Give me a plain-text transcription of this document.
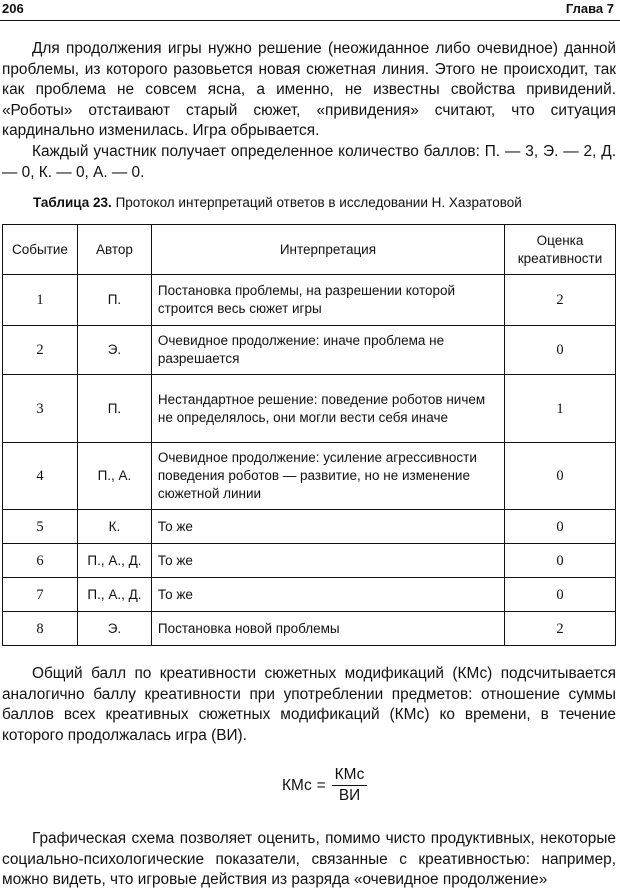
206	Глава 7

Для продолжения игры нужно решение (неожиданное либо очевидное) данной проблемы, из которого разовьется новая сюжетная линия. Этого не происходит, так как проблема не совсем ясна, а именно, не известны свойства привидений. «Роботы» отстаивают старый сюжет, «привидения» считают, что ситуация кардинально изменилась. Игра обрывается.

Каждый участник получает определенное количество баллов: П. — 3, Э. — 2, Д. — 0, К. — 0, А. — 0.

Таблица 23. Протокол интерпретаций ответов в исследовании Н. Хазратовой
Событие	Автор	Интерпретация	Оценка креативности
1	П.	Постановка проблемы, на разрешении которой строится весь сюжет игры	2
2	Э.	Очевидное продолжение: иначе проблема не разрешается	0
3	П.	Нестандартное решение: поведение роботов ничем не определялось, они могли вести себя иначе	1
4	П., А.	Очевидное продолжение: усиление агрессивности поведения роботов — развитие, но не изменение сюжетной линии	0
5	К.	То же	0
6	П., А., Д.	То же	0
7	П., А., Д.	То же	0
8	Э.	Постановка новой проблемы	2

Общий балл по креативности сюжетных модификаций (КМс) подсчитывается аналогично баллу креативности при употреблении предметов: отношение суммы баллов всех креативных сюжетных модификаций (КМс) ко времени, в течение которого продолжалась игра (ВИ).

КМс = $\frac{\text{КМс}}{ВИ}$

Графическая схема позволяет оценить, помимо чисто продуктивных, некоторые социально-психологические показатели, связанные с креативностью: например, можно видеть, что игровые действия из разряда «очевидное продолжение»
